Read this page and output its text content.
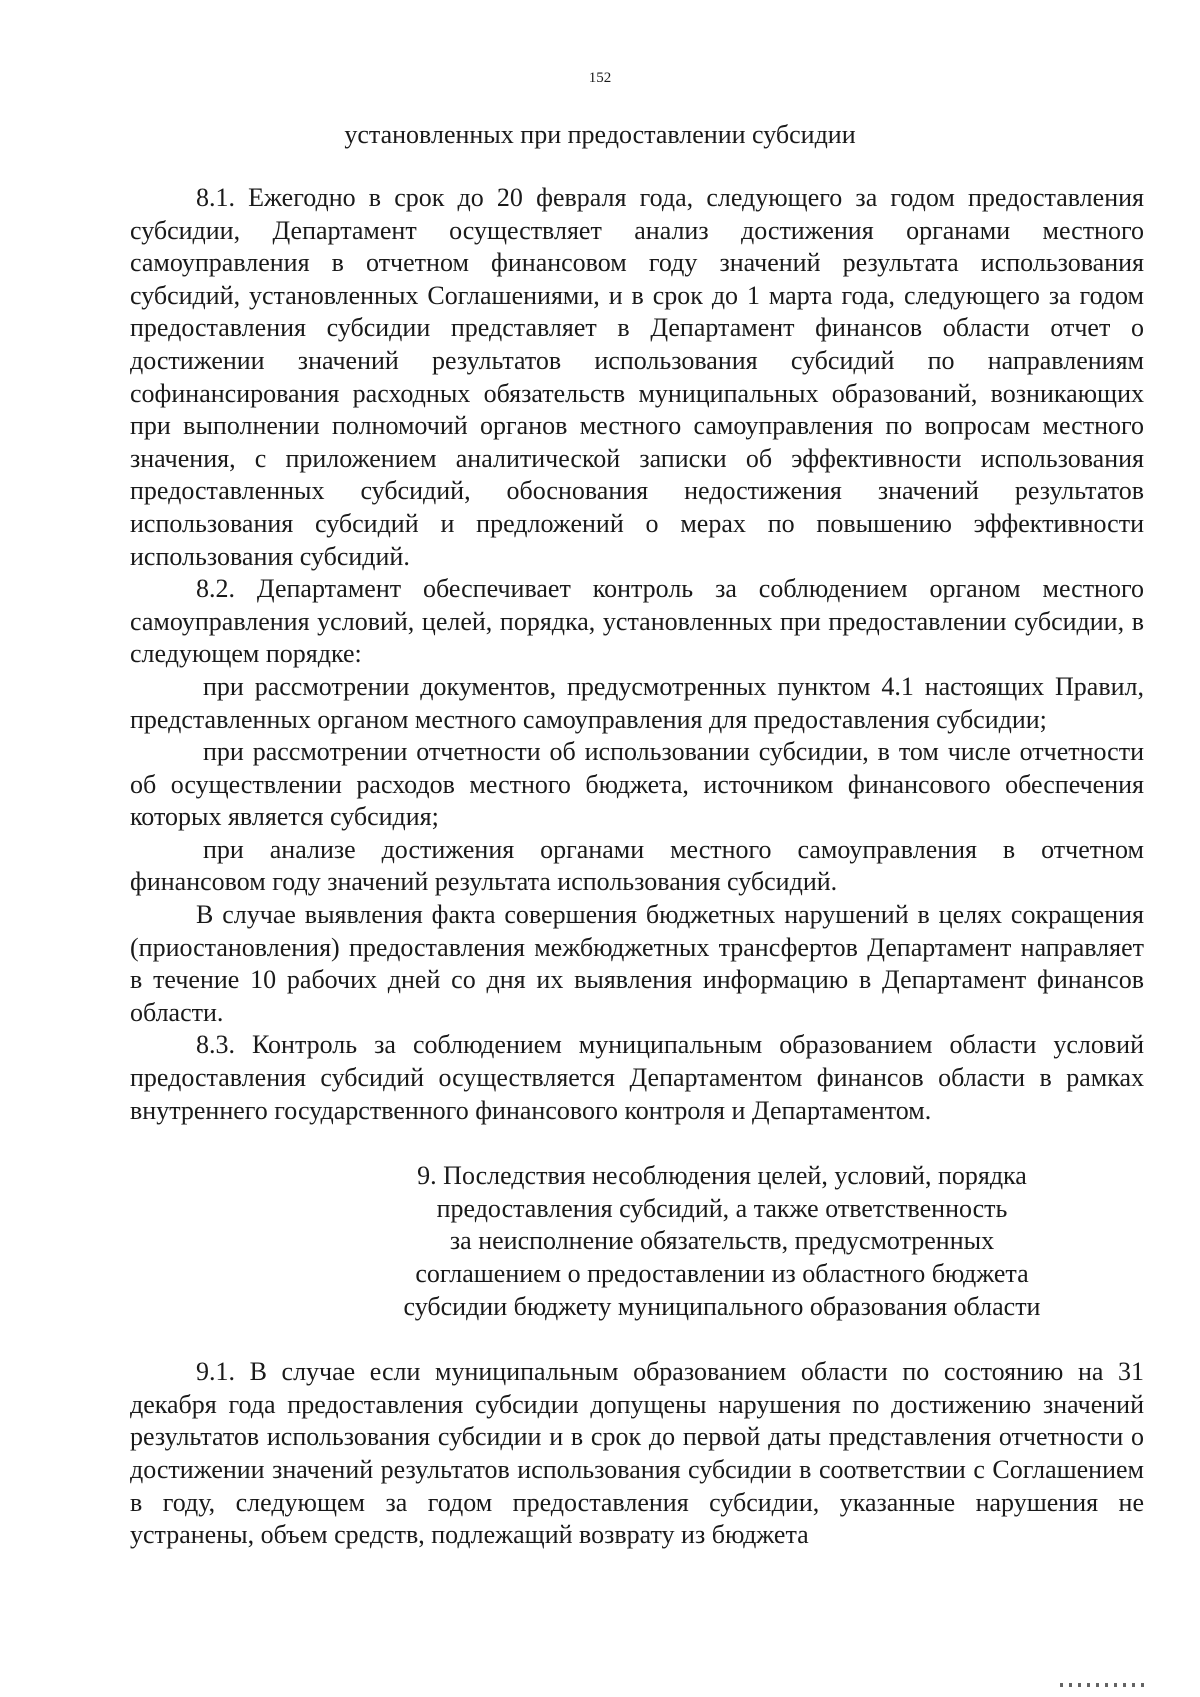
152
установленных при предоставлении субсидии

8.1. Ежегодно в срок до 20 февраля года, следующего за годом предоставления субсидии, Департамент осуществляет анализ достижения органами местного самоуправления в отчетном финансовом году значений результата использования субсидий, установленных Соглашениями, и в срок до 1 марта года, следующего за годом предоставления субсидии представляет в Департамент финансов области отчет о достижении значений результатов использования субсидий по направлениям софинансирования расходных обязательств муниципальных образований, возникающих при выполнении полномочий органов местного самоуправления по вопросам местного значения, с приложением аналитической записки об эффективности использования предоставленных субсидий, обоснования недостижения значений результатов использования субсидий и предложений о мерах по повышению эффективности использования субсидий.

8.2. Департамент обеспечивает контроль за соблюдением органом местного самоуправления условий, целей, порядка, установленных при предоставлении субсидии, в следующем порядке:

при рассмотрении документов, предусмотренных пунктом 4.1 настоящих Правил, представленных органом местного самоуправления для предоставления субсидии;

при рассмотрении отчетности об использовании субсидии, в том числе отчетности об осуществлении расходов местного бюджета, источником финансового обеспечения которых является субсидия;

при анализе достижения органами местного самоуправления в отчетном финансовом году значений результата использования субсидий.

В случае выявления факта совершения бюджетных нарушений в целях сокращения (приостановления) предоставления межбюджетных трансфертов Департамент направляет в течение 10 рабочих дней со дня их выявления информацию в Департамент финансов области.

8.3. Контроль за соблюдением муниципальным образованием области условий предоставления субсидий осуществляется Департаментом финансов области в рамках внутреннего государственного финансового контроля и Департаментом.

9. Последствия несоблюдения целей, условий, порядка
предоставления субсидий, а также ответственность
за неисполнение обязательств, предусмотренных
соглашением о предоставлении из областного бюджета
субсидии бюджету муниципального образования области

9.1. В случае если муниципальным образованием области по состоянию на 31 декабря года предоставления субсидии допущены нарушения по достижению значений результатов использования субсидии и в срок до первой даты представления отчетности о достижении значений результатов использования субсидии в соответствии с Соглашением в году, следующем за годом предоставления субсидии, указанные нарушения не устранены, объем средств, подлежащий возврату из бюджета
